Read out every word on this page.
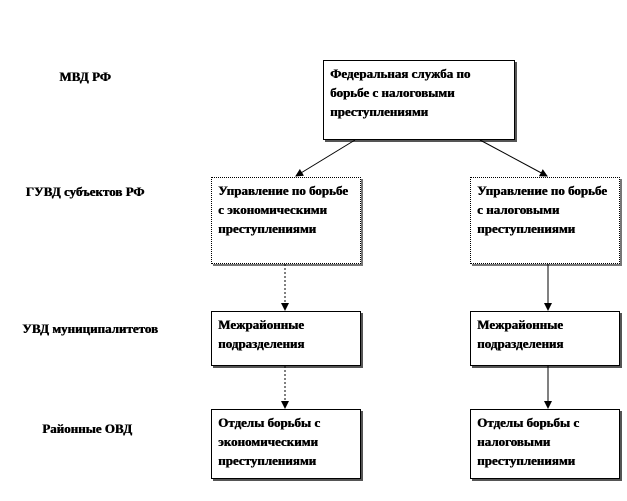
МВД РФ
ГУВД субъектов РФ
УВД муниципалитетов
Районные ОВД
Федеральная служба по борьбе с налоговыми преступлениями
Управление по борьбе с экономическими преступлениями
Управление по борьбе с налоговыми преступлениями
Межрайонные подразделения
Межрайонные подразделения
Отделы борьбы с экономическими преступлениями
Отделы борьбы с налоговыми преступлениями
